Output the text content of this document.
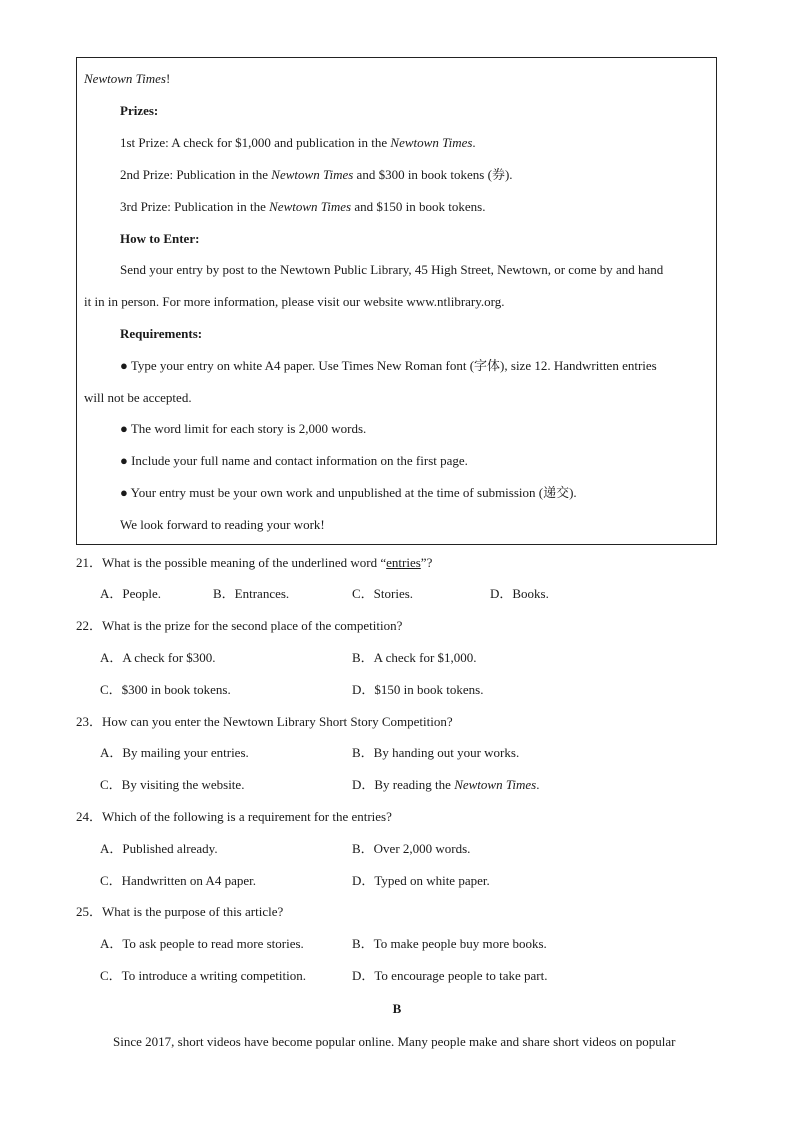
Newtown Times!
Prizes:
1st Prize: A check for $1,000 and publication in the Newtown Times.
2nd Prize: Publication in the Newtown Times and $300 in book tokens (券).
3rd Prize: Publication in the Newtown Times and $150 in book tokens.
How to Enter:
Send your entry by post to the Newtown Public Library, 45 High Street, Newtown, or come by and hand
it in in person. For more information, please visit our website www.ntlibrary.org.
Requirements:
● Type your entry on white A4 paper. Use Times New Roman font (字体), size 12. Handwritten entries
will not be accepted.
● The word limit for each story is 2,000 words.
● Include your full name and contact information on the first page.
● Your entry must be your own work and unpublished at the time of submission (递交).
We look forward to reading your work!
21．What is the possible meaning of the underlined word “entries”?
A．People.	B．Entrances.	C．Stories.	D．Books.
22．What is the prize for the second place of the competition?
A．A check for $300.	B．A check for $1,000.
C．$300 in book tokens.	D．$150 in book tokens.
23．How can you enter the Newtown Library Short Story Competition?
A．By mailing your entries.	B．By handing out your works.
C．By visiting the website.	D．By reading the Newtown Times.
24．Which of the following is a requirement for the entries?
A．Published already.	B．Over 2,000 words.
C．Handwritten on A4 paper.	D．Typed on white paper.
25．What is the purpose of this article?
A．To ask people to read more stories.	B．To make people buy more books.
C．To introduce a writing competition.	D．To encourage people to take part.
B
Since 2017, short videos have become popular online. Many people make and share short videos on popular
